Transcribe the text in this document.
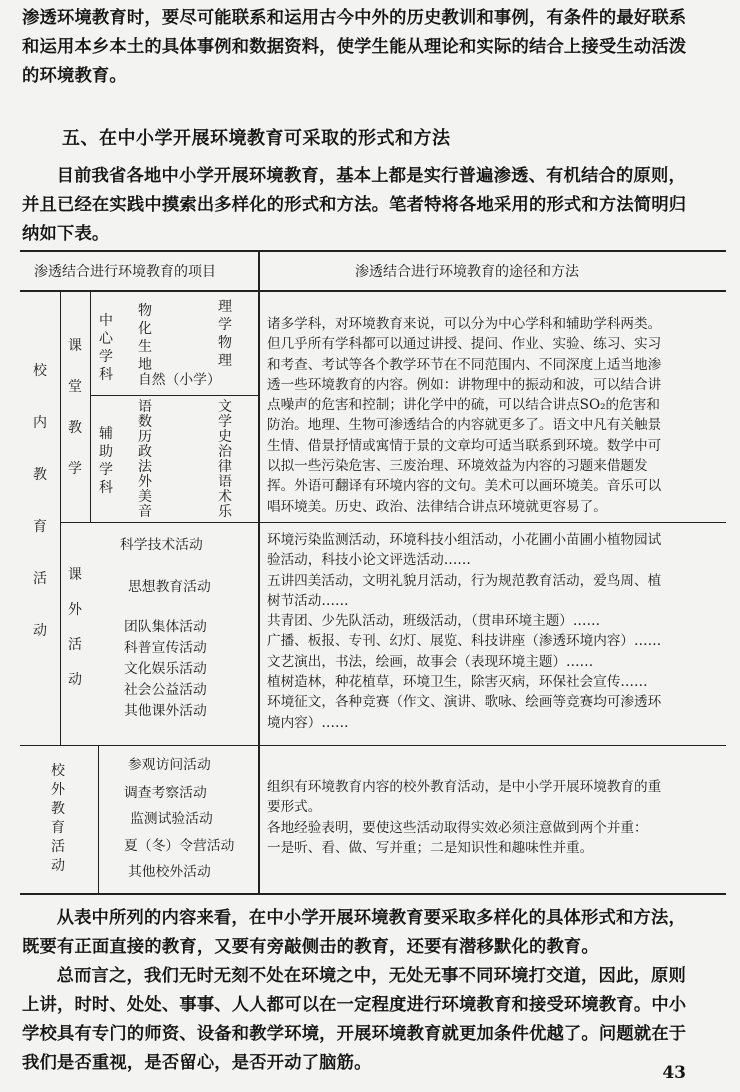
渗透环境教育时，要尽可能联系和运用古今中外的历史教训和事例，有条件的最好联系

和运用本乡本土的具体事例和数据资料，使学生能从理论和实际的结合上接受生动活泼

的环境教育。

五、在中小学开展环境教育可采取的形式和方法

目前我省各地中小学开展环境教育，基本上都是实行普遍渗透、有机结合的原则，

并且已经在实践中摸索出多样化的形式和方法。笔者特将各地采用的形式和方法简明归

纳如下表。

渗透结合进行环境教育的项目	渗透结合进行环境教育的途径和方法
校内教育活动
课堂教学
课外活动
校外教育活动
中心学科
物化生地
理学物理
自然（小学）
辅助学科
语数历政法外美音
文学史治律语术乐
诸多学科，对环境教育来说，可以分为中心学科和辅助学科两类。
但几乎所有学科都可以通过讲授、提问、作业、实验、练习、实习
和考查、考试等各个教学环节在不同范围内、不同深度上适当地渗
透一些环境教育的内容。例如：讲物理中的振动和波，可以结合讲
点噪声的危害和控制；讲化学中的硫，可以结合讲点SO₂的危害和
防治。地理、生物可渗透结合的内容就更多了。语文中凡有关触景
生情、借景抒情或寓情于景的文章均可适当联系到环境。数学中可
以拟一些污染危害、三废治理、环境效益为内容的习题来借题发
挥。外语可翻译有环境内容的文句。美术可以画环境美。音乐可以
唱环境美。历史、政治、法律结合讲点环境就更容易了。
科学技术活动
思想教育活动
团队集体活动
科普宣传活动
文化娱乐活动
社会公益活动
其他课外活动
环境污染监测活动，环境科技小组活动，小花圃小苗圃小植物园试
验活动，科技小论文评选活动……
五讲四美活动，文明礼貌月活动，行为规范教育活动，爱鸟周、植
树节活动……
共青团、少先队活动，班级活动，（贯串环境主题）……
广播、板报、专刊、幻灯、展览、科技讲座（渗透环境内容）……
文艺演出，书法，绘画，故事会（表现环境主题）……
植树造林，种花植草，环境卫生，除害灭病，环保社会宣传……
环境征文，各种竞赛（作文、演讲、歌咏、绘画等竞赛均可渗透环
境内容）……
参观访问活动
调查考察活动
监测试验活动
夏（冬）令营活动
其他校外活动
组织有环境教育内容的校外教育活动，是中小学开展环境教育的重
要形式。
各地经验表明，要使这些活动取得实效必须注意做到两个并重：
一是听、看、做、写并重；二是知识性和趣味性并重。

从表中所列的内容来看，在中小学开展环境教育要采取多样化的具体形式和方法，

既要有正面直接的教育，又要有旁敲侧击的教育，还要有潜移默化的教育。

总而言之，我们无时无刻不处在环境之中，无处无事不同环境打交道，因此，原则

上讲，时时、处处、事事、人人都可以在一定程度进行环境教育和接受环境教育。中小

学校具有专门的师资、设备和教学环境，开展环境教育就更加条件优越了。问题就在于

我们是否重视，是否留心，是否开动了脑筋。	43
